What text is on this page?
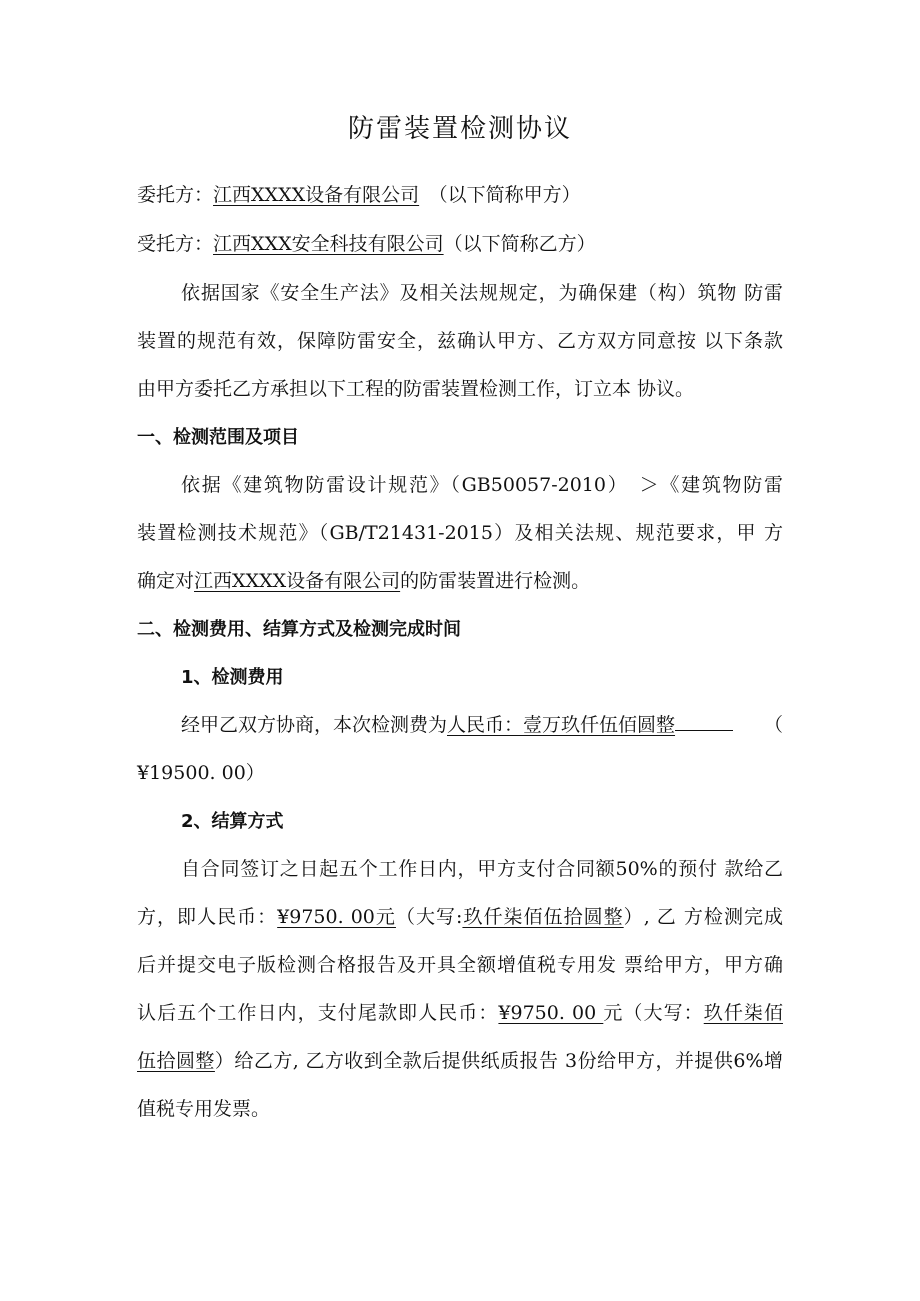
防雷装置检测协议
委托方：江西XXXX设备有限公司　 （以下简称甲方）
受托方：江西XXX安全科技有限公司（以下简称乙方）
依据国家《安全生产法》及相关法规规定，为确保建（构）筑物 防雷
装置的规范有效，保障防雷安全，兹确认甲方、乙方双方同意按 以下条款
由甲方委托乙方承担以下工程的防雷装置检测工作，订立本 协议。
一、检测范围及项目
依据《建筑物防雷设计规范》（GB50057-2010）　＞《建筑物防雷
装置检测技术规范》（GB/T21431-2015）及相关法规、规范要求，甲 方
确定对江西XXXX设备有限公司的防雷装置进行检测。
二、检测费用、结算方式及检测完成时间
1、检测费用
经甲乙双方协商，本次检测费为人民币：壹万玖仟伍佰圆整	（
¥19500. 00）
2、结算方式
自合同签订之日起五个工作日内，甲方支付合同额50%的预付 款给乙
方，即人民币：¥9750. 00元（大写:玖仟柒佰伍拾圆整）, 乙 方检测完成
后并提交电子版检测合格报告及开具全额增值税专用发 票给甲方，甲方确
认后五个工作日内，支付尾款即人民币：¥9750. 00 元（大写：玖仟柒佰
伍拾圆整）给乙方, 乙方收到全款后提供纸质报告 3份给甲方，并提供6%增
值税专用发票。
